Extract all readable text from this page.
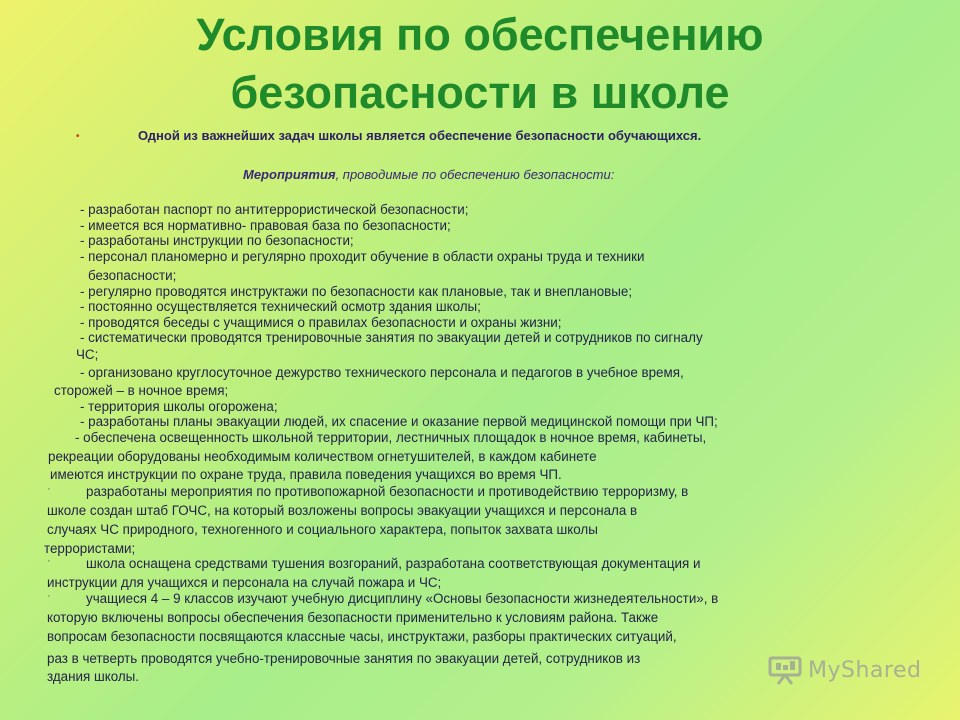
Условия по обеспечению
безопасности в школе
•	Одной из важнейших задач школы является обеспечение безопасности обучающихся.
Мероприятия, проводимые по обеспечению безопасности:
- разработан паспорт по антитеррористической безопасности;
- имеется вся нормативно- правовая база по безопасности;
- разработаны инструкции по безопасности;
- персонал планомерно и регулярно проходит обучение в области охраны труда и техники
безопасности;
- регулярно проводятся инструктажи по безопасности как плановые, так и внеплановые;
- постоянно осуществляется технический осмотр здания школы;
- проводятся беседы с учащимися о правилах безопасности и охраны жизни;
- систематически проводятся тренировочные занятия по эвакуации детей и сотрудников по сигналу
ЧС;
- организовано круглосуточное дежурство технического персонала и педагогов в учебное время,
сторожей – в ночное время;
- территория школы огорожена;
- разработаны планы эвакуации людей, их спасение и оказание первой медицинской помощи при ЧП;
- обеспечена освещенность школьной территории, лестничных площадок в ночное время, кабинеты,
рекреации оборудованы необходимым количеством огнетушителей, в каждом кабинете
имеются инструкции по охране труда, правила поведения учащихся во время ЧП.
·	разработаны мероприятия по противопожарной безопасности и противодействию терроризму, в
школе создан штаб ГОЧС, на который возложены вопросы эвакуации учащихся и персонала в
случаях ЧС природного, техногенного и социального характера, попыток захвата школы
террористами;
·	школа оснащена средствами тушения возгораний, разработана соответствующая документация и
инструкции для учащихся и персонала на случай пожара и ЧС;
·	учащиеся 4 – 9 классов изучают учебную дисциплину «Основы безопасности жизнедеятельности», в
которую включены вопросы обеспечения безопасности применительно к условиям района. Также
вопросам безопасности посвящаются классные часы, инструктажи, разборы практических ситуаций,
раз в четверть проводятся учебно-тренировочные занятия по эвакуации детей, сотрудников из
здания школы.	MyShared
